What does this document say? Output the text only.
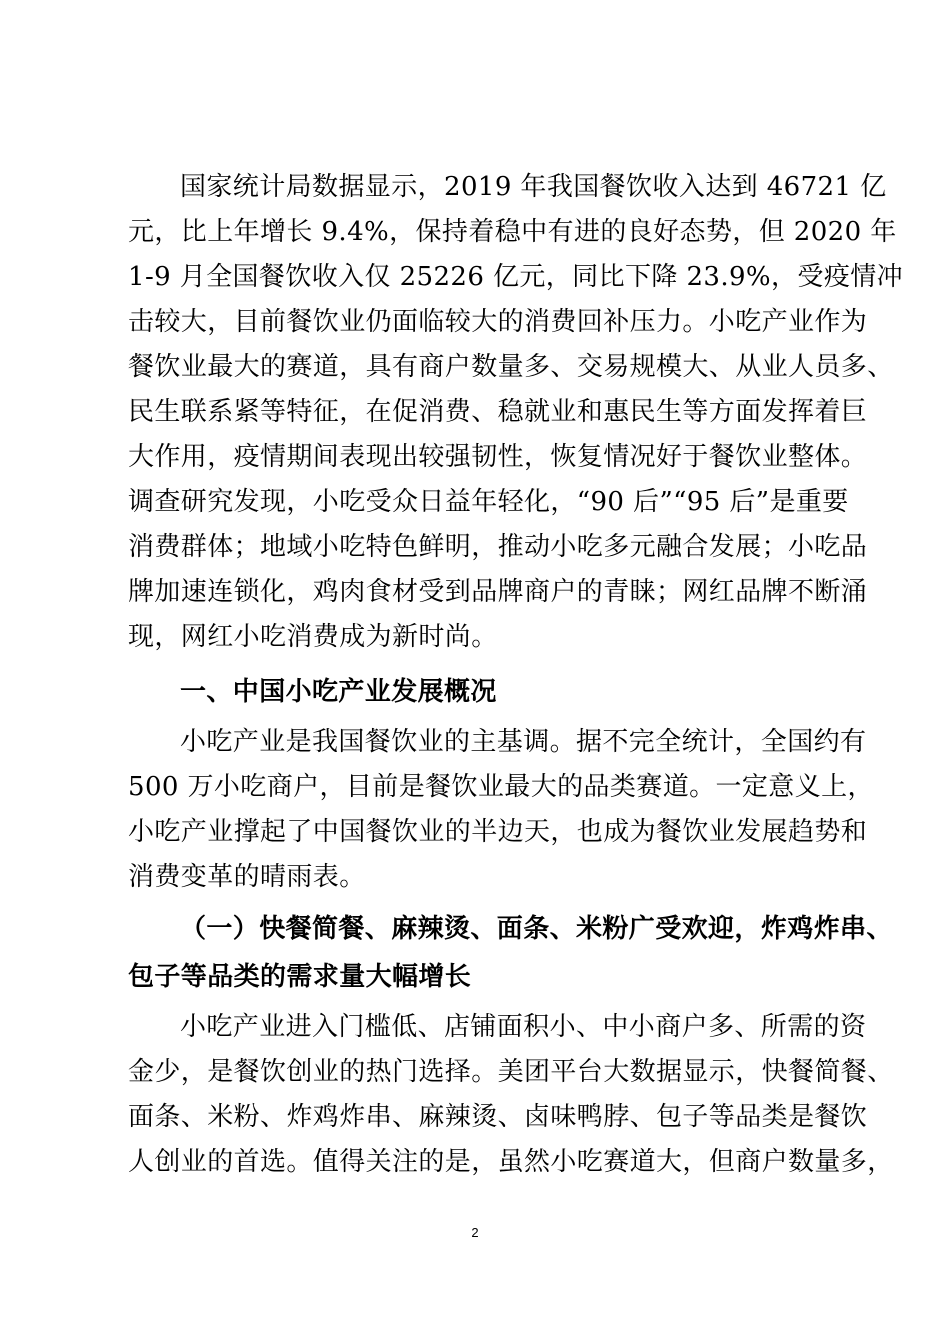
国家统计局数据显示，2019 年我国餐饮收入达到 46721 亿
元，比上年增长 9.4%，保持着稳中有进的良好态势，但 2020 年
1-9 月全国餐饮收入仅 25226 亿元，同比下降 23.9%，受疫情冲
击较大，目前餐饮业仍面临较大的消费回补压力。小吃产业作为
餐饮业最大的赛道，具有商户数量多、交易规模大、从业人员多、
民生联系紧等特征，在促消费、稳就业和惠民生等方面发挥着巨
大作用，疫情期间表现出较强韧性，恢复情况好于餐饮业整体。
调查研究发现，小吃受众日益年轻化，“90 后”“95 后”是重要
消费群体；地域小吃特色鲜明，推动小吃多元融合发展；小吃品
牌加速连锁化，鸡肉食材受到品牌商户的青睐；网红品牌不断涌
现，网红小吃消费成为新时尚。
一、中国小吃产业发展概况
小吃产业是我国餐饮业的主基调。据不完全统计，全国约有
500 万小吃商户，目前是餐饮业最大的品类赛道。一定意义上，
小吃产业撑起了中国餐饮业的半边天，也成为餐饮业发展趋势和
消费变革的晴雨表。
（一）快餐简餐、麻辣烫、面条、米粉广受欢迎，炸鸡炸串、
包子等品类的需求量大幅增长
小吃产业进入门槛低、店铺面积小、中小商户多、所需的资
金少，是餐饮创业的热门选择。美团平台大数据显示，快餐简餐、
面条、米粉、炸鸡炸串、麻辣烫、卤味鸭脖、包子等品类是餐饮
人创业的首选。值得关注的是，虽然小吃赛道大，但商户数量多，
2
